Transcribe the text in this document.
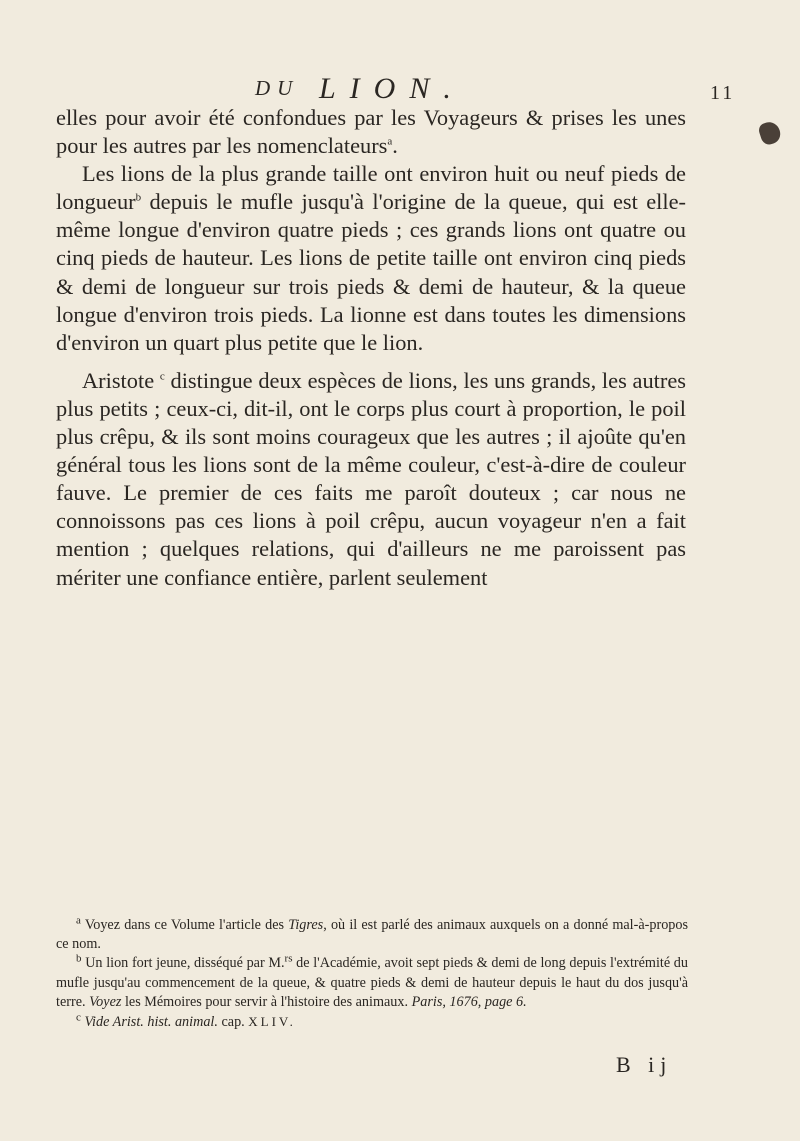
DU LION.	11

elles pour avoir été confondues par les Voyageurs & prises les unes pour les autres par les nomenclateurs$^a$.

Les lions de la plus grande taille ont environ huit ou neuf pieds de longueur$^b$ depuis le mufle jusqu'à l'origine de la queue, qui est elle-même longue d'environ quatre pieds ; ces grands lions ont quatre ou cinq pieds de hauteur. Les lions de petite taille ont environ cinq pieds & demi de longueur sur trois pieds & demi de hauteur, & la queue longue d'environ trois pieds. La lionne est dans toutes les dimensions d'environ un quart plus petite que le lion.

Aristote $^c$ distingue deux espèces de lions, les uns grands, les autres plus petits ; ceux-ci, dit-il, ont le corps plus court à proportion, le poil plus crêpu, & ils sont moins courageux que les autres ; il ajoûte qu'en général tous les lions sont de la même couleur, c'est-à-dire de couleur fauve. Le premier de ces faits me paroît douteux ; car nous ne connoissons pas ces lions à poil crêpu, aucun voyageur n'en a fait mention ; quelques relations, qui d'ailleurs ne me paroissent pas mériter une confiance entière, parlent seulement

$^a$ Voyez dans ce Volume l'article des Tigres, où il est parlé des animaux auxquels on a donné mal-à-propos ce nom.

$^b$ Un lion fort jeune, disséqué par M.$^{rs}$ de l'Académie, avoit sept pieds & demi de long depuis l'extrémité du mufle jusqu'au commencement de la queue, & quatre pieds & demi de hauteur depuis le haut du dos jusqu'à terre. Voyez les Mémoires pour servir à l'histoire des animaux. Paris, 1676, page 6.

$^c$ Vide Arist. hist. animal. cap. XLIV.

B ij
